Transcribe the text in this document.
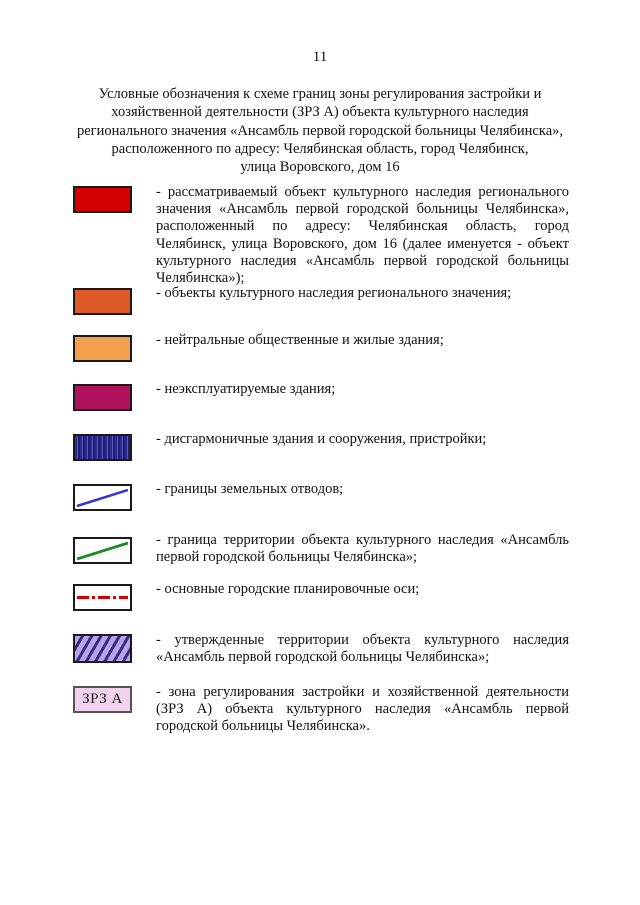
11
Условные обозначения к схеме границ зоны регулирования застройки и
хозяйственной деятельности (ЗРЗ А) объекта культурного наследия
регионального значения «Ансамбль первой городской больницы Челябинска»,
расположенного по адресу: Челябинская область, город Челябинск,
улица Воровского, дом 16
- рассматриваемый объект культурного наследия регионального значения «Ансамбль первой городской больницы Челябинска», расположенный по адресу: Челябинская область, город Челябинск, улица Воровского, дом 16 (далее именуется - объект культурного наследия «Ансамбль первой городской больницы Челябинска»);
- объекты культурного наследия регионального значения;
- нейтральные общественные и жилые здания;
- неэксплуатируемые здания;
- дисгармоничные здания и сооружения, пристройки;
- границы земельных отводов;
- граница территории объекта культурного наследия «Ансамбль первой городской больницы Челябинска»;
- основные городские планировочные оси;
- утвержденные территории объекта культурного наследия «Ансамбль первой городской больницы Челябинска»;
ЗРЗ А	- зона регулирования застройки и хозяйственной деятельности (ЗРЗ А) объекта культурного наследия «Ансамбль первой городской больницы Челябинска».
